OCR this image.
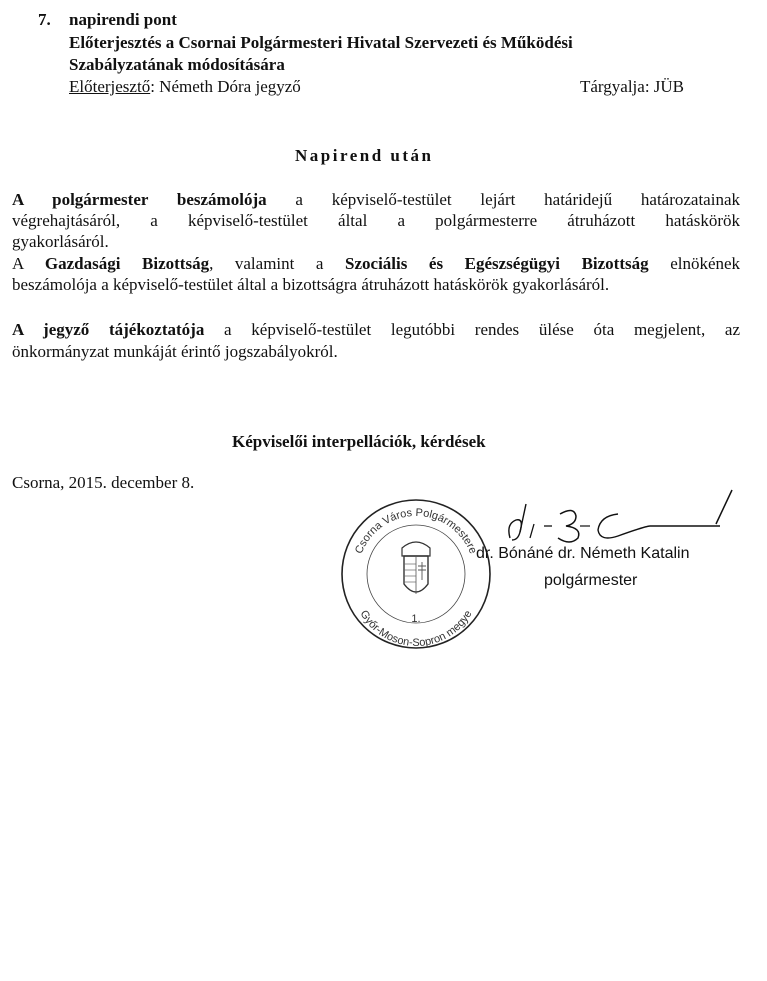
7. napirendi pont
Előterjesztés a Csornai Polgármesteri Hivatal Szervezeti és Működési
Szabályzatának módosítására
Előterjesztő: Németh Dóra jegyző	Tárgyalja: JÜB
Napirend után
A polgármester beszámolója a képviselő-testület lejárt határidejű határozatainak
végrehajtásáról, a képviselő-testület által a polgármesterre átruházott hatáskörök
gyakorlásáról.
A Gazdasági Bizottság, valamint a Szociális és Egészségügyi Bizottság elnökének
beszámolója a képviselő-testület által a bizottságra átruházott hatáskörök gyakorlásáról.
A jegyző tájékoztatója a képviselő-testület legutóbbi rendes ülése óta megjelent, az
önkormányzat munkáját érintő jogszabályokról.
Képviselői interpellációk, kérdések
Csorna, 2015. december 8.
Csorna Város Polgármestere
Győr-Moson-Sopron megye
1.
dr. Bónáné dr. Németh Katalin
polgármester
